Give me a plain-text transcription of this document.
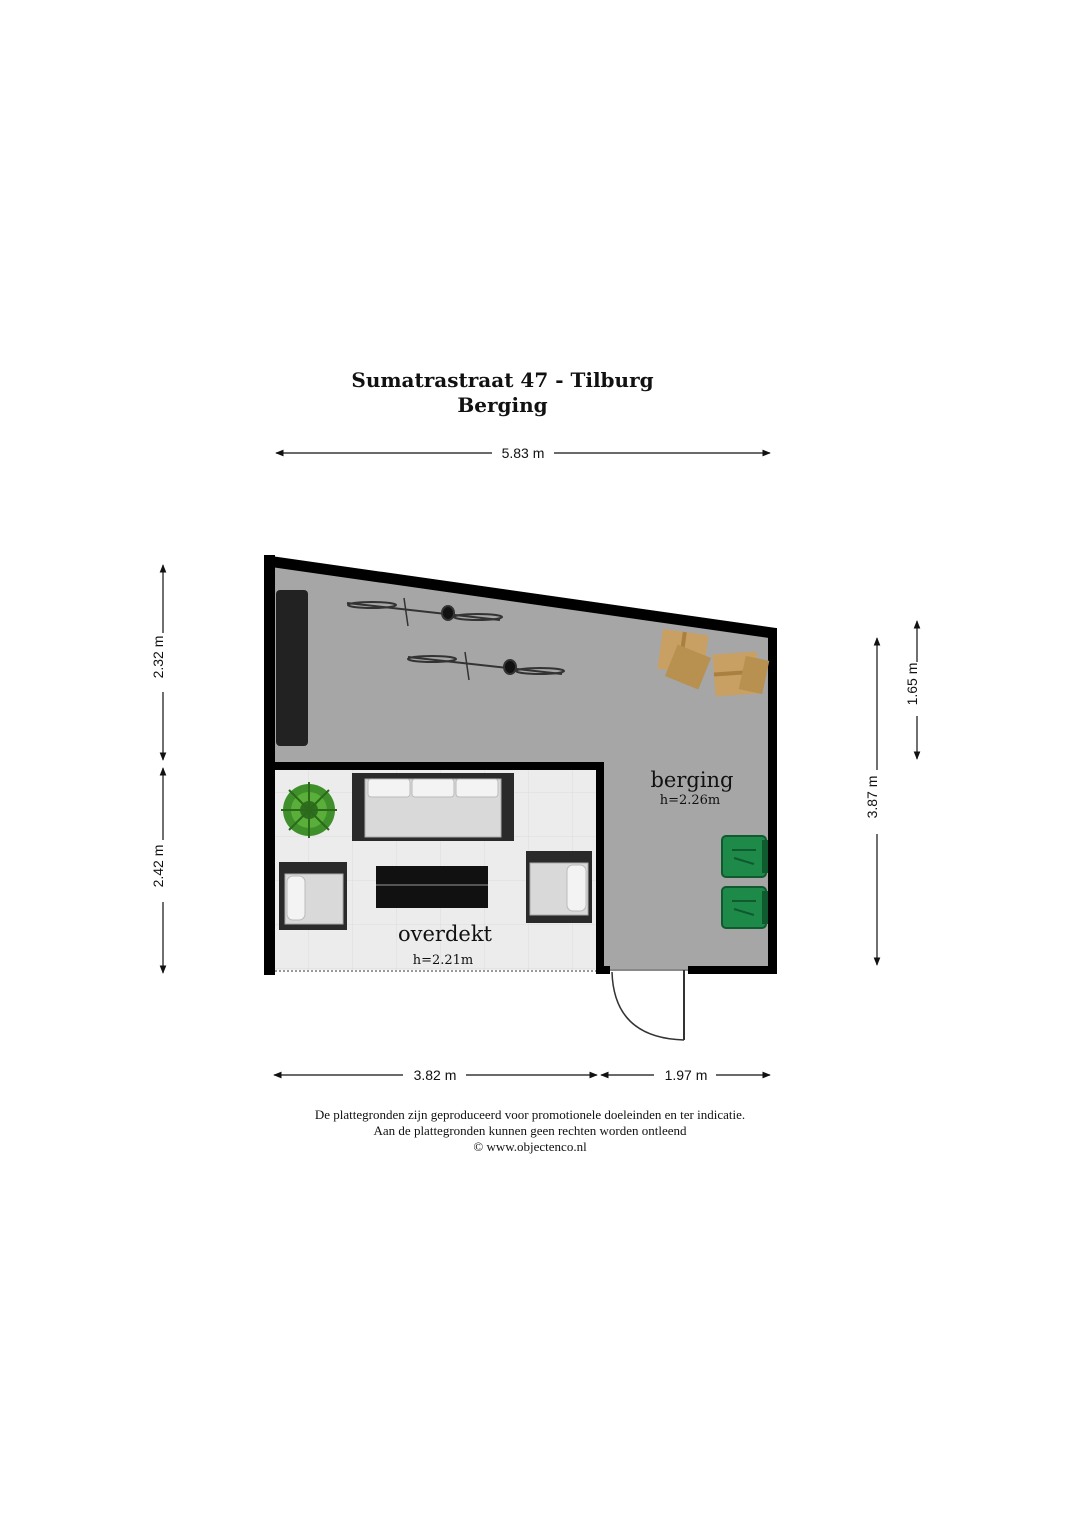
Sumatrastraat 47 - Tilburg
Berging
berging
h=2.26m
overdekt
h=2.21m
5.83 m
3.82 m	1.97 m
2.32 m
2.42 m
3.87 m
1.65 m
De plattegronden zijn geproduceerd voor promotionele doeleinden en ter indicatie.
Aan de plattegronden kunnen geen rechten worden ontleend
© www.objectenco.nl
